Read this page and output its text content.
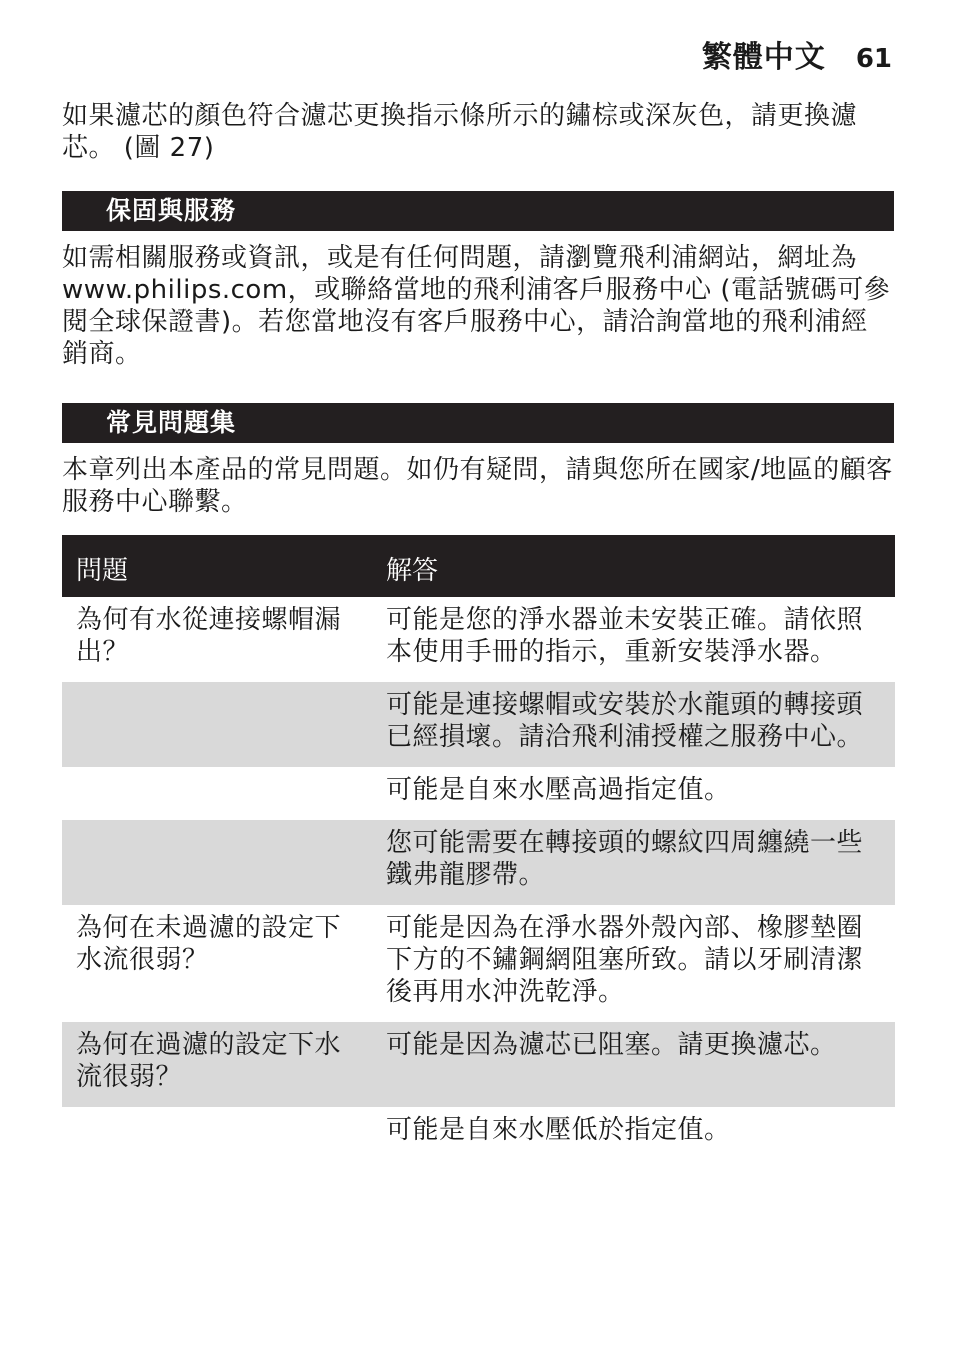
繁體中文 61

如果濾芯的顏色符合濾芯更換指示條所示的鏽棕或深灰色，請更換濾芯。 (圖 27)

保固與服務

如需相關服務或資訊，或是有任何問題，請瀏覽飛利浦網站，網址為 www.philips.com，或聯絡當地的飛利浦客戶服務中心 (電話號碼可參閱全球保證書)。若您當地沒有客戶服務中心，請洽詢當地的飛利浦經銷商。

常見問題集

本章列出本產品的常見問題。如仍有疑問，請與您所在國家/地區的顧客服務中心聯繫。

問題	解答
為何有水從連接螺帽漏出？	可能是您的淨水器並未安裝正確。請依照本使用手冊的指示，重新安裝淨水器。
	可能是連接螺帽或安裝於水龍頭的轉接頭已經損壞。請洽飛利浦授權之服務中心。
	可能是自來水壓高過指定值。
	您可能需要在轉接頭的螺紋四周纏繞一些鐵弗龍膠帶。
為何在未過濾的設定下水流很弱？	可能是因為在淨水器外殼內部、橡膠墊圈下方的不鏽鋼網阻塞所致。請以牙刷清潔後再用水沖洗乾淨。
為何在過濾的設定下水流很弱？	可能是因為濾芯已阻塞。請更換濾芯。
	可能是自來水壓低於指定值。
